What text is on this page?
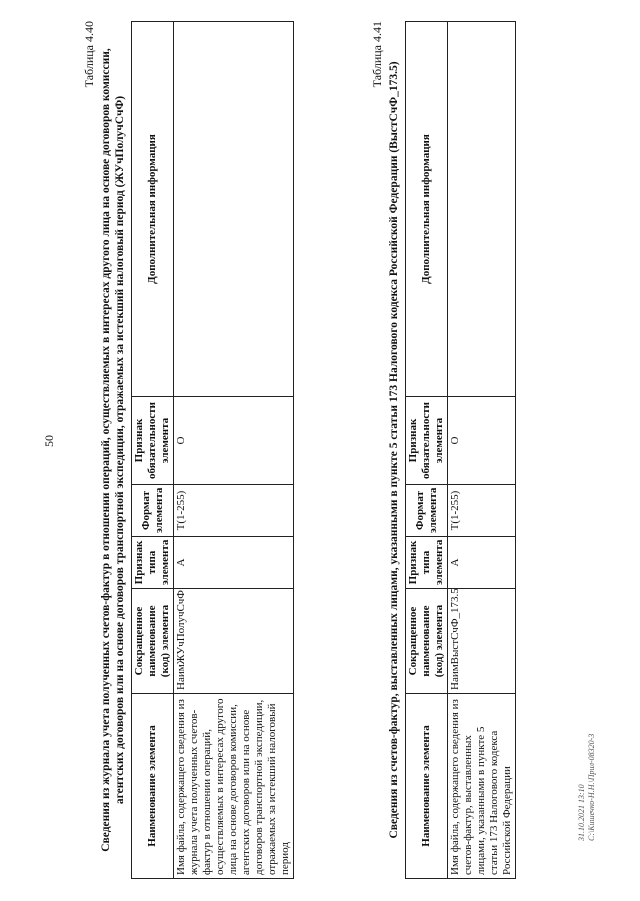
50
Таблица 4.40 Сведения из журнала учета полученных счетов-фактур в отношении операций, осуществляемых в интересах другого лица на основе договоров комиссии, агентских договоров или на основе договоров транспортной экспедиции, отражаемых за истекший налоговый период (ЖУчПолучСчФ) Наименование элемента	Сокращенное наименование (код) элемента	Признак типа элемента	Формат элемента	Признак обязательности элемента	Дополнительная информация
Имя файла, содержащего сведения из журнала учета полученных счетов-фактур в отношении операций, осуществляемых в интересах другого лица на основе договоров комиссии, агентских договоров или на основе договоров транспортной экспедиции, отражаемых за истекший налоговый период	НаимЖУчПолучСчФ	А	T(1-255)	О	
Таблица 4.41
Сведения из счетов-фактур, выставленных лицами, указанными в пункте 5 статьи 173 Налогового кодекса Российской Федерации (ВыстСчФ_173.5) Наименование элемента	Сокращенное наименование (код) элемента	Признак типа элемента	Формат элемента	Признак обязательности элемента	Дополнительная информация
Имя файла, содержащего сведения из счетов-фактур, выставленных лицами, указанными в пункте 5 статьи 173 Налогового кодекса Российской Федерации	НаимВыстСчФ_173.5	А	T(1-255)	О	
31.10.2021 13:10 С:\Кишечко-Н.Н.\Прил-08320-3
